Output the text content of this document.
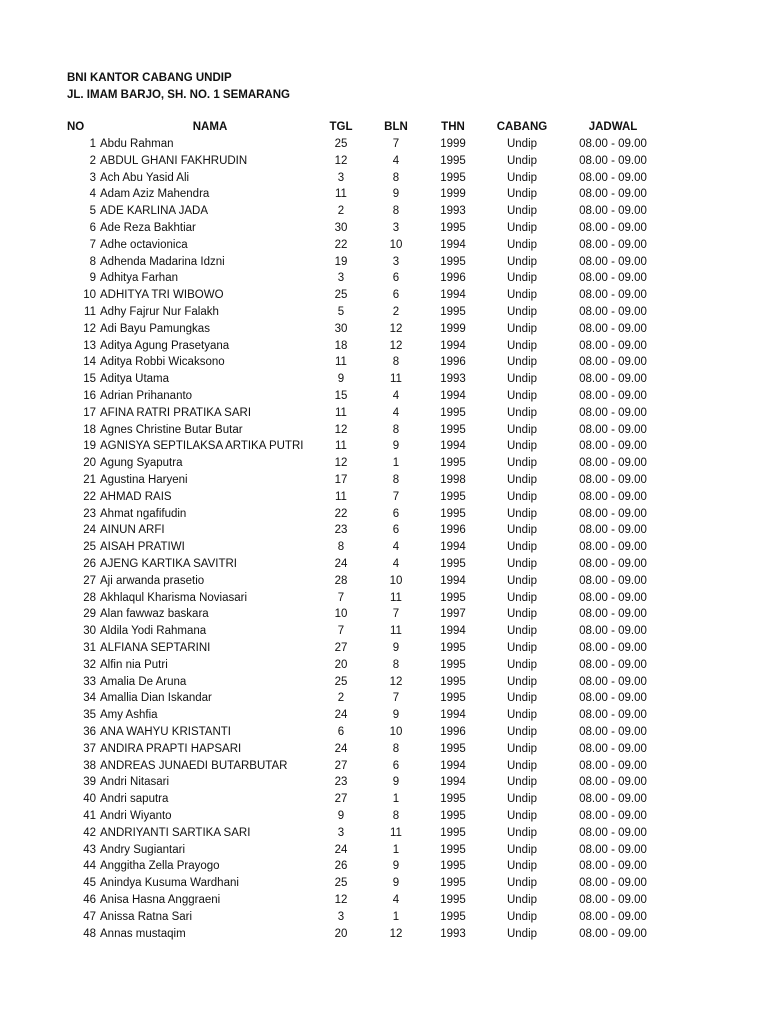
BNI KANTOR CABANG UNDIP
JL. IMAM BARJO, SH. NO. 1 SEMARANG
NO	NAMA	TGL	BLN	THN	CABANG	JADWAL
1 Abdu Rahman	25	7	1999	Undip	08.00 - 09.00
2 ABDUL GHANI FAKHRUDIN	12	4	1995	Undip	08.00 - 09.00
3 Ach Abu Yasid Ali	3	8	1995	Undip	08.00 - 09.00
4 Adam Aziz Mahendra	11	9	1999	Undip	08.00 - 09.00
5 ADE KARLINA JADA	2	8	1993	Undip	08.00 - 09.00
6 Ade Reza Bakhtiar	30	3	1995	Undip	08.00 - 09.00
7 Adhe octavionica	22	10	1994	Undip	08.00 - 09.00
8 Adhenda Madarina Idzni	19	3	1995	Undip	08.00 - 09.00
9 Adhitya Farhan	3	6	1996	Undip	08.00 - 09.00
10 ADHITYA TRI WIBOWO	25	6	1994	Undip	08.00 - 09.00
11 Adhy Fajrur Nur Falakh	5	2	1995	Undip	08.00 - 09.00
12 Adi Bayu Pamungkas	30	12	1999	Undip	08.00 - 09.00
13 Aditya Agung Prasetyana	18	12	1994	Undip	08.00 - 09.00
14 Aditya Robbi Wicaksono	11	8	1996	Undip	08.00 - 09.00
15 Aditya Utama	9	11	1993	Undip	08.00 - 09.00
16 Adrian Prihananto	15	4	1994	Undip	08.00 - 09.00
17 AFINA RATRI PRATIKA SARI	11	4	1995	Undip	08.00 - 09.00
18 Agnes Christine Butar Butar	12	8	1995	Undip	08.00 - 09.00
19 AGNISYA SEPTILAKSA ARTIKA PUTRI	11	9	1994	Undip	08.00 - 09.00
20 Agung Syaputra	12	1	1995	Undip	08.00 - 09.00
21 Agustina Haryeni	17	8	1998	Undip	08.00 - 09.00
22 AHMAD RAIS	11	7	1995	Undip	08.00 - 09.00
23 Ahmat ngafifudin	22	6	1995	Undip	08.00 - 09.00
24 AINUN ARFI	23	6	1996	Undip	08.00 - 09.00
25 AISAH PRATIWI	8	4	1994	Undip	08.00 - 09.00
26 AJENG KARTIKA SAVITRI	24	4	1995	Undip	08.00 - 09.00
27 Aji arwanda prasetio	28	10	1994	Undip	08.00 - 09.00
28 Akhlaqul Kharisma Noviasari	7	11	1995	Undip	08.00 - 09.00
29 Alan fawwaz baskara	10	7	1997	Undip	08.00 - 09.00
30 Aldila Yodi Rahmana	7	11	1994	Undip	08.00 - 09.00
31 ALFIANA SEPTARINI	27	9	1995	Undip	08.00 - 09.00
32 Alfin nia Putri	20	8	1995	Undip	08.00 - 09.00
33 Amalia De Aruna	25	12	1995	Undip	08.00 - 09.00
34 Amallia Dian Iskandar	2	7	1995	Undip	08.00 - 09.00
35 Amy Ashfia	24	9	1994	Undip	08.00 - 09.00
36 ANA WAHYU KRISTANTI	6	10	1996	Undip	08.00 - 09.00
37 ANDIRA PRAPTI HAPSARI	24	8	1995	Undip	08.00 - 09.00
38 ANDREAS JUNAEDI BUTARBUTAR	27	6	1994	Undip	08.00 - 09.00
39 Andri Nitasari	23	9	1994	Undip	08.00 - 09.00
40 Andri saputra	27	1	1995	Undip	08.00 - 09.00
41 Andri Wiyanto	9	8	1995	Undip	08.00 - 09.00
42 ANDRIYANTI SARTIKA SARI	3	11	1995	Undip	08.00 - 09.00
43 Andry Sugiantari	24	1	1995	Undip	08.00 - 09.00
44 Anggitha Zella Prayogo	26	9	1995	Undip	08.00 - 09.00
45 Anindya Kusuma Wardhani	25	9	1995	Undip	08.00 - 09.00
46 Anisa Hasna Anggraeni	12	4	1995	Undip	08.00 - 09.00
47 Anissa Ratna Sari	3	1	1995	Undip	08.00 - 09.00
48 Annas mustaqim	20	12	1993	Undip	08.00 - 09.00
